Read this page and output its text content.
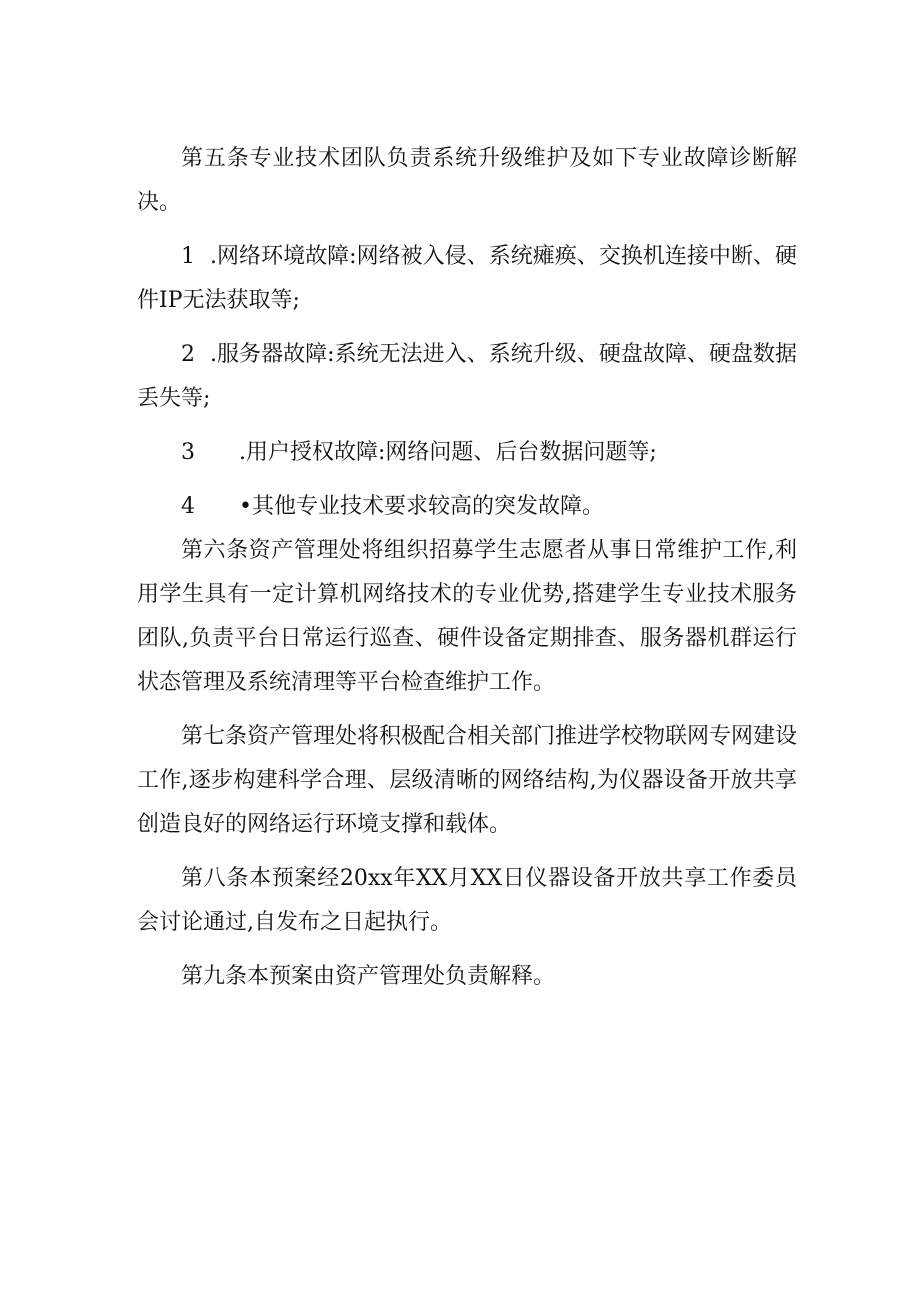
第五条专业技术团队负责系统升级维护及如下专业故障诊断解决。

1 .网络环境故障:网络被入侵、系统瘫痪、交换机连接中断、硬件IP无法获取等;

2 .服务器故障:系统无法进入、系统升级、硬盘故障、硬盘数据丢失等;

3 .用户授权故障:网络问题、后台数据问题等;

4 •其他专业技术要求较高的突发故障。

第六条资产管理处将组织招募学生志愿者从事日常维护工作,利用学生具有一定计算机网络技术的专业优势,搭建学生专业技术服务团队,负责平台日常运行巡查、硬件设备定期排查、服务器机群运行状态管理及系统清理等平台检查维护工作。

第七条资产管理处将积极配合相关部门推进学校物联网专网建设工作,逐步构建科学合理、层级清晰的网络结构,为仪器设备开放共享创造良好的网络运行环境支撑和载体。

第八条本预案经20xx年XX月XX日仪器设备开放共享工作委员会讨论通过,自发布之日起执行。

第九条本预案由资产管理处负责解释。
